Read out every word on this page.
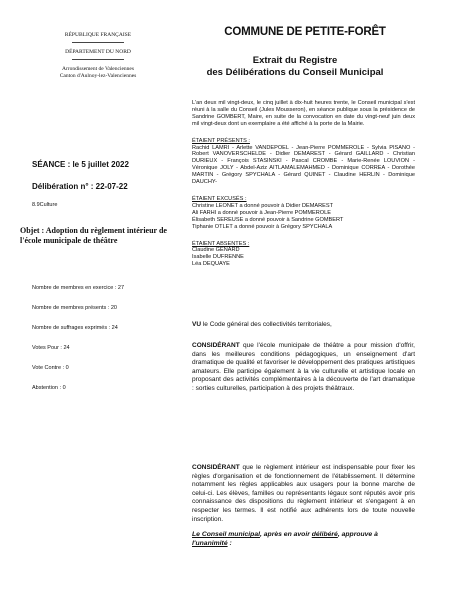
RÉPUBLIQUE FRANÇAISE
DÉPARTEMENT DU NORD
Arrondissement de Valenciennes
Canton d'Aulnoy-lez-Valenciennes
COMMUNE DE PETITE-FORÊT
Extrait du Registre
des Délibérations du Conseil Municipal
SÉANCE : le 5 juillet 2022
Délibération n° : 22-07-22
8.9Culture
Objet : Adoption du règlement intérieur de l'école municipale de théâtre
Nombre de membres en exercice : 27
Nombre de membres présents : 20
Nombre de suffrages exprimés : 24
Votes Pour : 24
Vote Contre : 0
Abstention : 0

L'an deux mil vingt-deux, le cinq juillet à dix-huit heures trente, le Conseil municipal s'est réuni à la salle du Conseil (Jules Mousseron), en séance publique sous la présidence de Sandrine GOMBERT, Maire, en suite de la convocation en date du vingt-neuf juin deux mil vingt-deux dont un exemplaire a été affiché à la porte de la Mairie.

ÉTAIENT PRÉSENTS :

Rachid LAMRI - Arlette VANDEPOEL - Jean-Pierre POMMEROLE - Sylvia PISANO - Robert VANOVERSCHELDE - Didier DEMAREST - Gérard GAILLARD - Christian DURIEUX - François STASINSKI - Pascal CROMBE - Marie-Renée LOUVION - Véronique JOLY - Abdel-Aziz AITLAMALEMAHMED - Dominique CORREA - Dorothée MARTIN - Grégory SPYCHALA - Gérard QUINET - Claudine HERLIN - Dominique DAUCHY-

ÉTAIENT EXCUSÉS :
Christine LEONET a donné pouvoir à Didier DEMAREST
Ali FARHI a donné pouvoir à Jean-Pierre POMMEROLE
Élisabeth SEREUSE a donné pouvoir à Sandrine GOMBERT
Tiphanie OTLET a donné pouvoir à Grégory SPYCHALA
ÉTAIENT ABSENTES :
Claudine GENARD
Isabelle DUFRENNE
Léa DEQUAYE
VU le Code général des collectivités territoriales,
CONSIDÉRANT que l'école municipale de théâtre a pour mission d'offrir, dans les meilleures conditions pédagogiques, un enseignement d'art dramatique de qualité et favoriser le développement des pratiques artistiques amateurs. Elle participe également à la vie culturelle et artistique locale en proposant des activités complémentaires à la découverte de l'art dramatique : sorties culturelles, participation à des projets théâtraux.
CONSIDÉRANT que le règlement intérieur est indispensable pour fixer les règles d'organisation et de fonctionnement de l'établissement. Il détermine notamment les règles applicables aux usagers pour la bonne marche de celui-ci. Les élèves, familles ou représentants légaux sont réputés avoir pris connaissance des dispositions du règlement intérieur et s'engagent à en respecter les termes. Il est notifié aux adhérents lors de toute nouvelle inscription.
Le Conseil municipal, après en avoir délibéré, approuve à l'unanimité :
